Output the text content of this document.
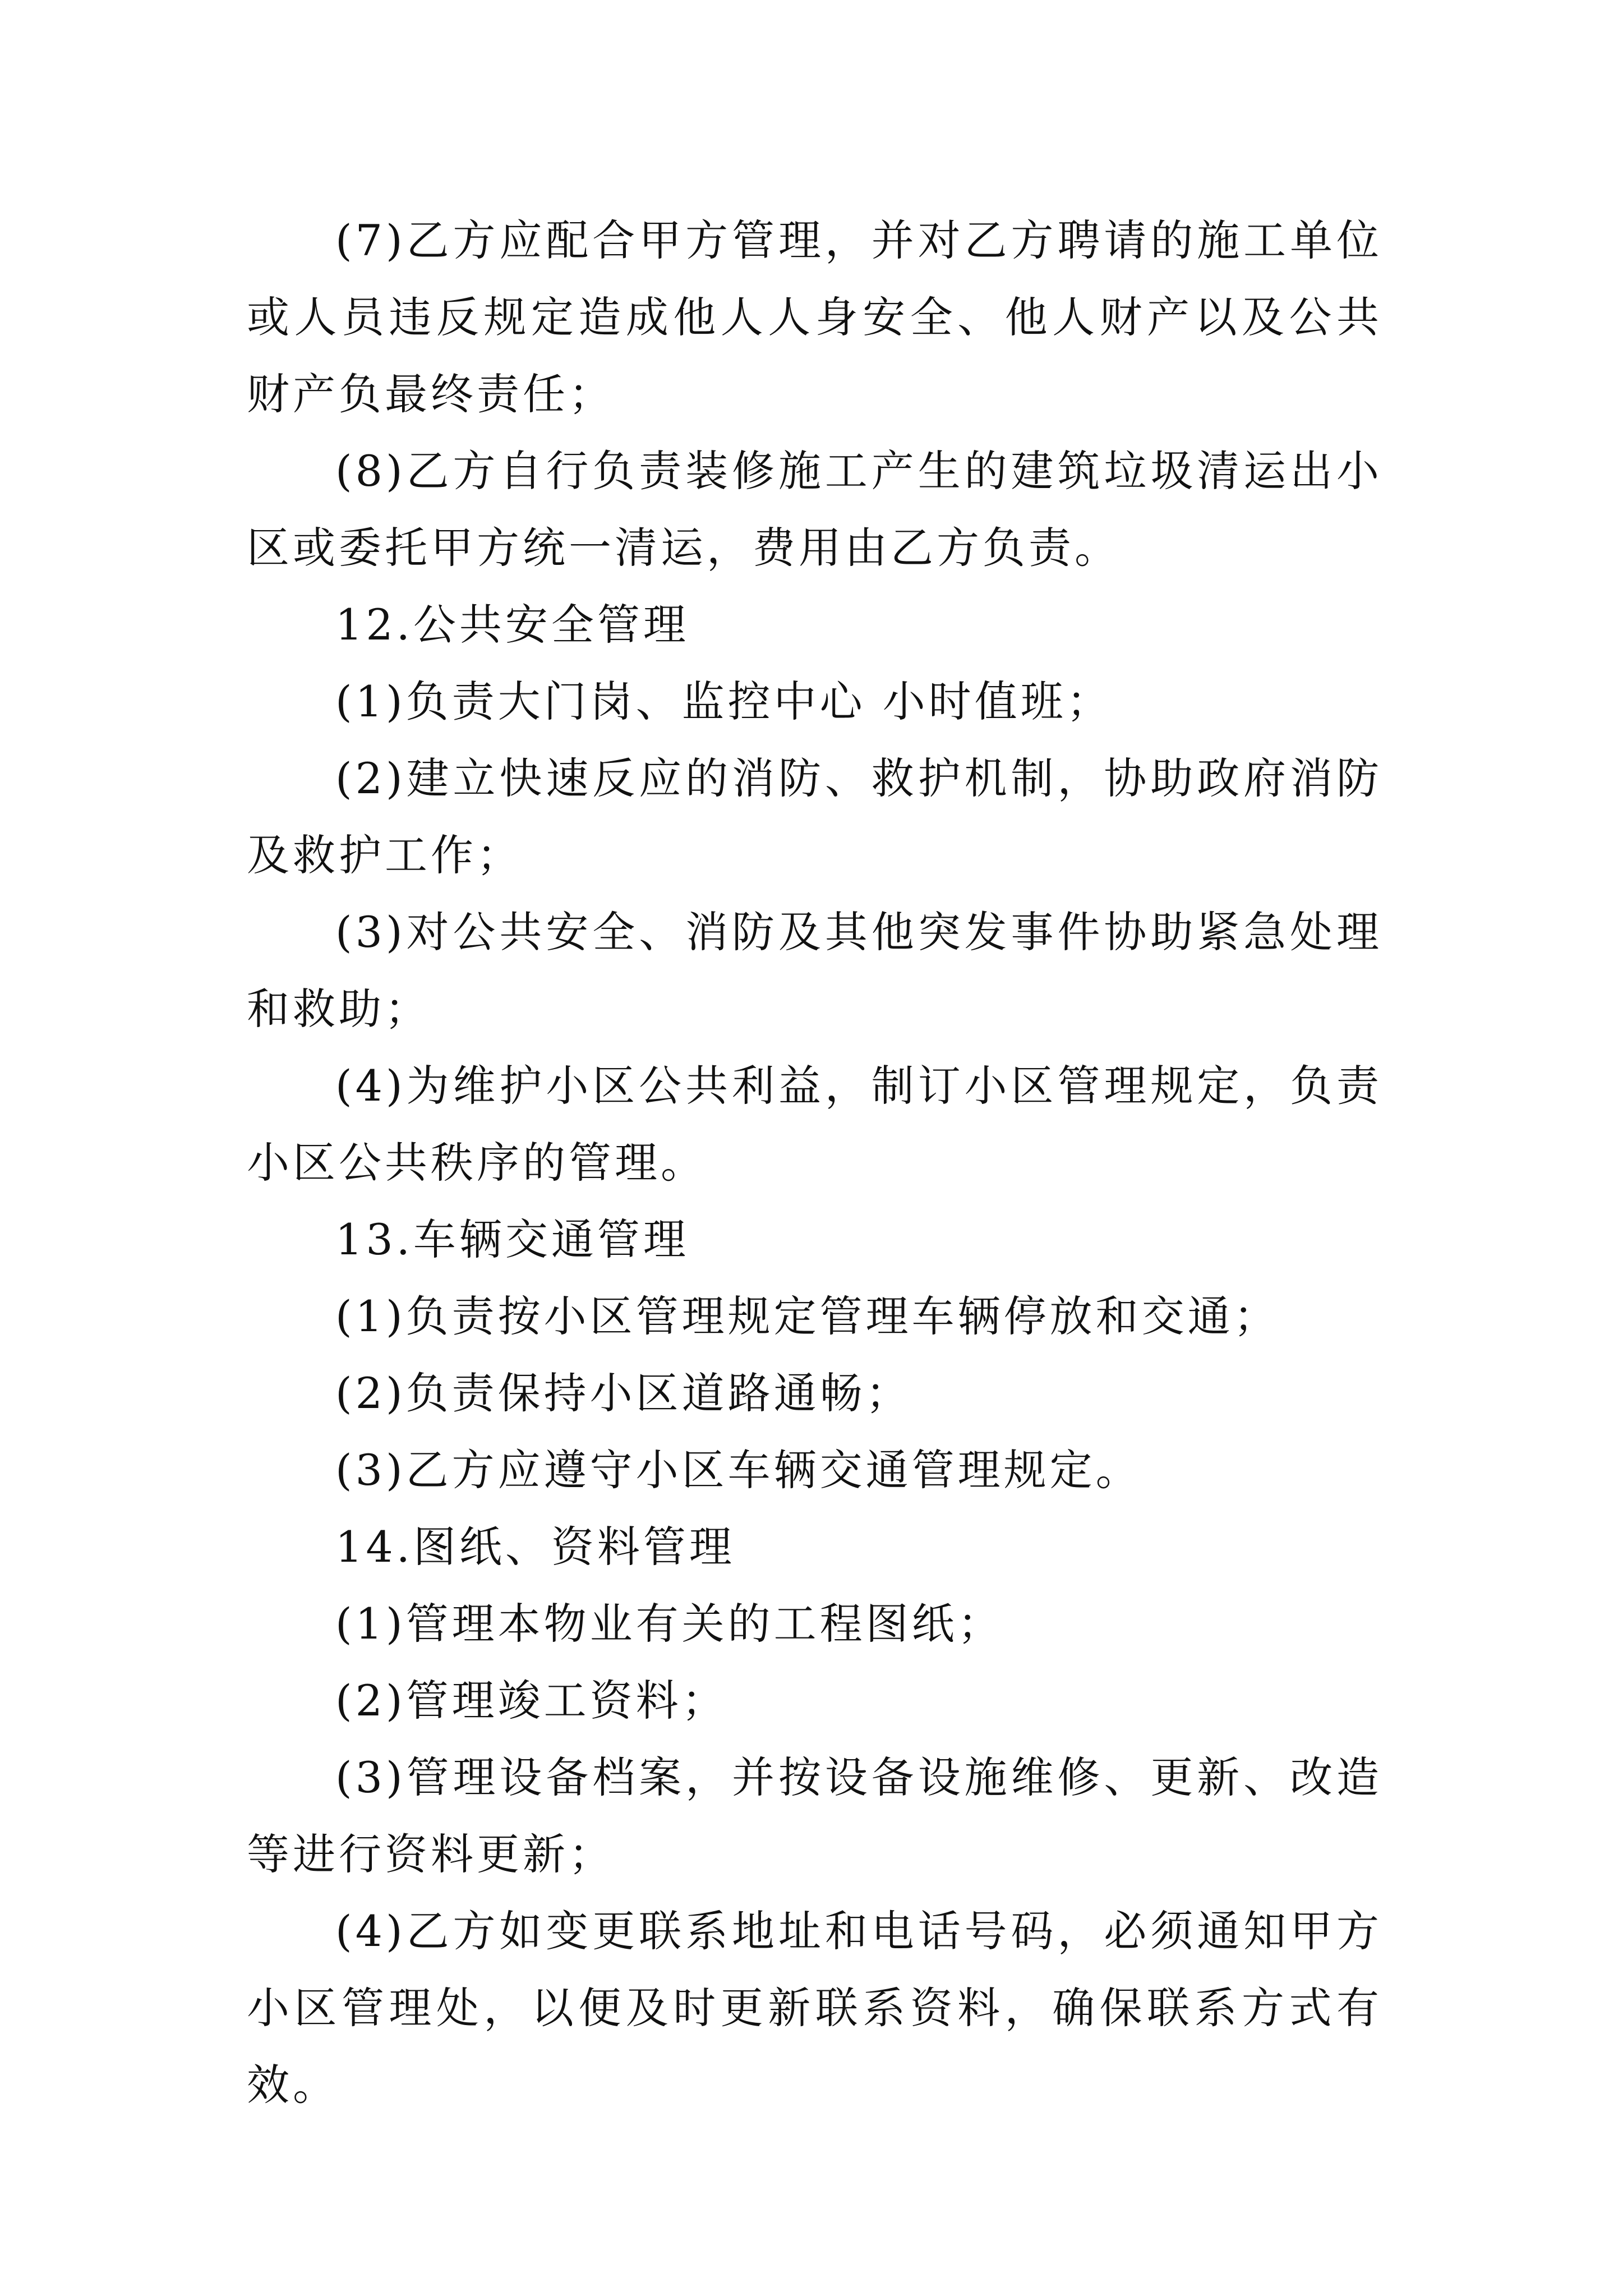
(7)乙方应配合甲方管理，并对乙方聘请的施工单位或人员违反规定造成他人人身安全、他人财产以及公共财产负最终责任；

(8)乙方自行负责装修施工产生的建筑垃圾清运出小区或委托甲方统一清运，费用由乙方负责。

12.公共安全管理

(1)负责大门岗、监控中心 小时值班；

(2)建立快速反应的消防、救护机制，协助政府消防及救护工作；

(3)对公共安全、消防及其他突发事件协助紧急处理和救助；

(4)为维护小区公共利益，制订小区管理规定，负责小区公共秩序的管理。

13.车辆交通管理

(1)负责按小区管理规定管理车辆停放和交通；

(2)负责保持小区道路通畅；

(3)乙方应遵守小区车辆交通管理规定。

14.图纸、资料管理

(1)管理本物业有关的工程图纸；

(2)管理竣工资料；

(3)管理设备档案，并按设备设施维修、更新、改造等进行资料更新；

(4)乙方如变更联系地址和电话号码，必须通知甲方 小区管理处，以便及时更新联系资料，确保联系方式有效。
